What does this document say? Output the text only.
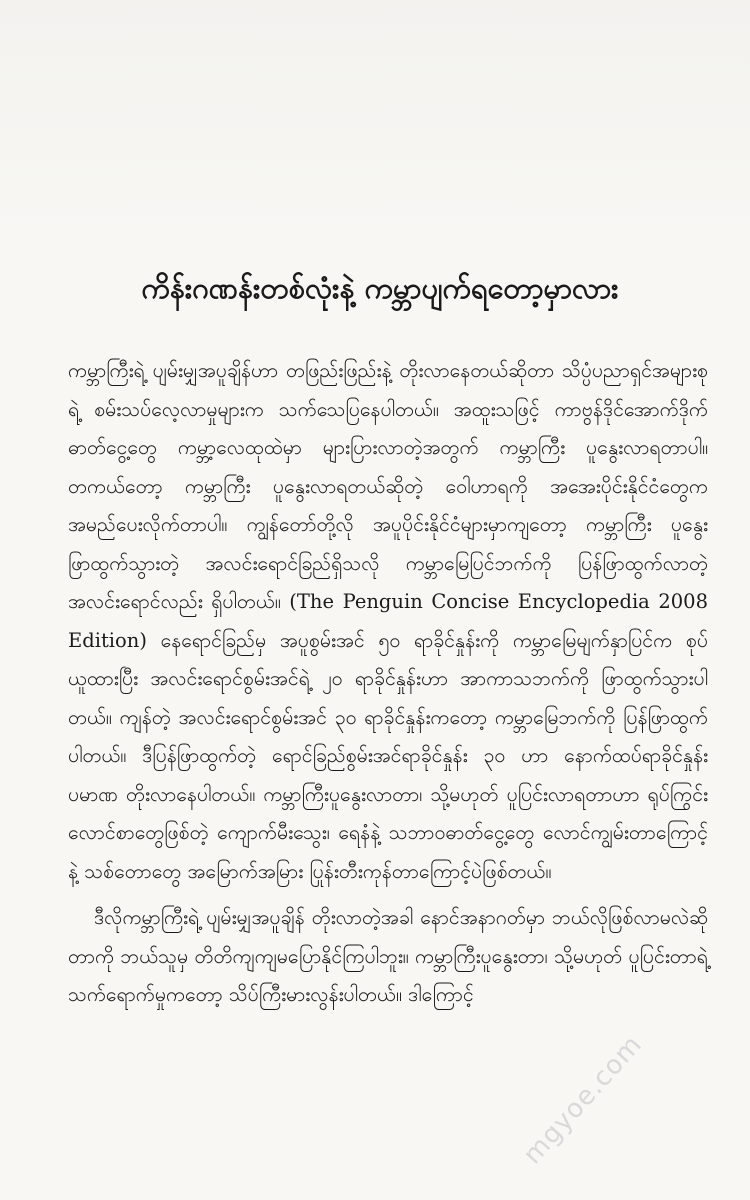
ကိန်းဂဏန်းတစ်လုံးနဲ့ ကမ္ဘာပျက်ရတော့မှာလား

ကမ္ဘာကြီးရဲ့ ပျမ်းမျှအပူချိန်ဟာ တဖြည်းဖြည်းနဲ့ တိုးလာနေတယ်ဆိုတာ သိပ္ပံပညာရှင်အများစုရဲ့ စမ်းသပ်လေ့လာမှုများက သက်သေပြနေပါတယ်။ အထူးသဖြင့် ကာဗွန်ဒိုင်အောက်ဒိုက်ဓာတ်ငွေ့တွေ ကမ္ဘာ့လေထုထဲမှာ များပြားလာတဲ့အတွက် ကမ္ဘာကြီး ပူနွေးလာရတာပါ။ တကယ်တော့ ကမ္ဘာကြီး ပူနွေးလာရတယ်ဆိုတဲ့ ဝေါဟာရကို အအေးပိုင်းနိုင်ငံတွေက အမည်ပေးလိုက်တာပါ။ ကျွန်တော်တို့လို အပူပိုင်းနိုင်ငံများမှာကျတော့ ကမ္ဘာကြီး ပူနွေးဖြာထွက်သွားတဲ့ အလင်းရောင်ခြည်ရှိသလို ကမ္ဘာမြေပြင်ဘက်ကို ပြန်ဖြာထွက်လာတဲ့ အလင်းရောင်လည်း ရှိပါတယ်။ (The Penguin Concise Encyclopedia 2008 Edition) နေရောင်ခြည်မှ အပူစွမ်းအင် ၅၀ ရာခိုင်နှုန်းကို ကမ္ဘာမြေမျက်နှာပြင်က စုပ်ယူထားပြီး အလင်းရောင်စွမ်းအင်ရဲ့ ၂၀ ရာခိုင်နှုန်းဟာ အာကာသဘက်ကို ဖြာထွက်သွားပါတယ်။ ကျန်တဲ့ အလင်းရောင်စွမ်းအင် ၃၀ ရာခိုင်နှုန်းကတော့ ကမ္ဘာမြေဘက်ကို ပြန်ဖြာထွက်ပါတယ်။ ဒီပြန်ဖြာထွက်တဲ့ ရောင်ခြည်စွမ်းအင်ရာခိုင်နှုန်း ၃၀ ဟာ နောက်ထပ်ရာခိုင်နှုန်းပမာဏ တိုးလာနေပါတယ်။ ကမ္ဘာကြီးပူနွေးလာတာ၊ သို့မဟုတ် ပူပြင်းလာရတာဟာ ရုပ်ကြွင်းလောင်စာတွေဖြစ်တဲ့ ကျောက်မီးသွေး၊ ရေနံနဲ့ သဘာဝဓာတ်ငွေ့တွေ လောင်ကျွမ်းတာကြောင့်နဲ့ သစ်တောတွေ အမြောက်အမြား ပြုန်းတီးကုန်တာကြောင့်ပဲဖြစ်တယ်။

ဒီလိုကမ္ဘာကြီးရဲ့ ပျမ်းမျှအပူချိန် တိုးလာတဲ့အခါ နောင်အနာဂတ်မှာ ဘယ်လိုဖြစ်လာမလဲဆိုတာကို ဘယ်သူမှ တိတိကျကျမပြောနိုင်ကြပါဘူး။ ကမ္ဘာကြီးပူနွေးတာ၊ သို့မဟုတ် ပူပြင်းတာရဲ့ သက်ရောက်မှုကတော့ သိပ်ကြီးမားလွန်းပါတယ်။ ဒါကြောင့်

mgyoe.com
